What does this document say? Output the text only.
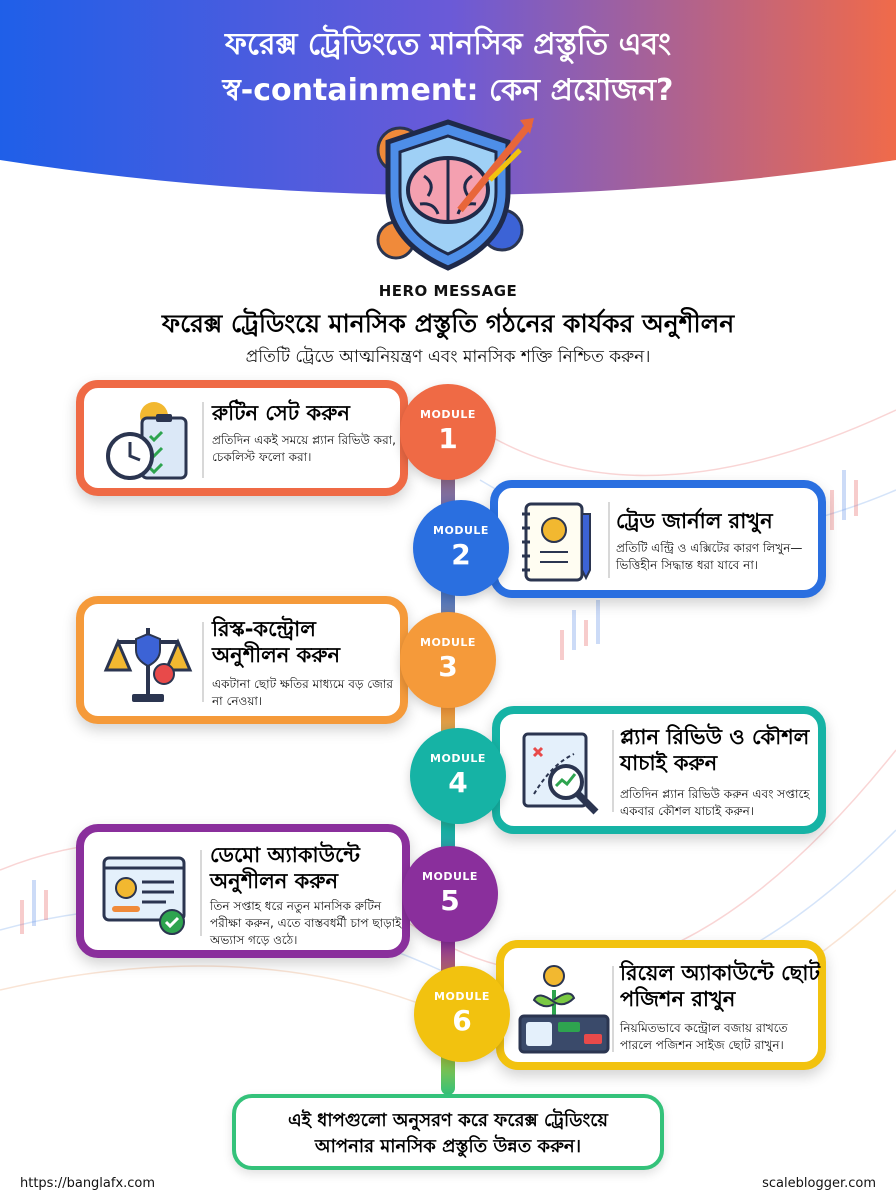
ফরেক্স ট্রেডিংতে মানসিক প্রস্তুতি এবং
স্ব-containment: কেন প্রয়োজন?
HERO MESSAGE
ফরেক্স ট্রেডিংয়ে মানসিক প্রস্তুতি গঠনের কার্যকর অনুশীলন
প্রতিটি ট্রেডে আত্মনিয়ন্ত্রণ এবং মানসিক শক্তি নিশ্চিত করুন।
রুটিন সেট করুন
প্রতিদিন একই সময়ে প্ল্যান রিভিউ করা, চেকলিস্ট ফলো করা।
MODULE
1
ট্রেড জার্নাল রাখুন
প্রতিটি এন্ট্রি ও এক্সিটের কারণ লিখুন—ভিত্তিহীন সিদ্ধান্ত ধরা যাবে না।
MODULE
2
রিস্ক-কন্ট্রোল অনুশীলন করুন
একটানা ছোট ক্ষতির মাধ্যমে বড় জোর না নেওয়া।
MODULE
3
প্ল্যান রিভিউ ও কৌশল যাচাই করুন
প্রতিদিন প্ল্যান রিভিউ করুন এবং সপ্তাহে একবার কৌশল যাচাই করুন।
MODULE
4
ডেমো অ্যাকাউন্টে অনুশীলন করুন
তিন সপ্তাহ ধরে নতুন মানসিক রুটিন পরীক্ষা করুন, এতে বাস্তবধর্মী চাপ ছাড়াই অভ্যাস গড়ে ওঠে।
MODULE
5
রিয়েল অ্যাকাউন্টে ছোট পজিশন রাখুন
নিয়মিতভাবে কন্ট্রোল বজায় রাখতে পারলে পজিশন সাইজ ছোট রাখুন।
MODULE
6
এই ধাপগুলো অনুসরণ করে ফরেক্স ট্রেডিংয়ে
আপনার মানসিক প্রস্তুতি উন্নত করুন।
https://banglafx.com	scaleblogger.com
